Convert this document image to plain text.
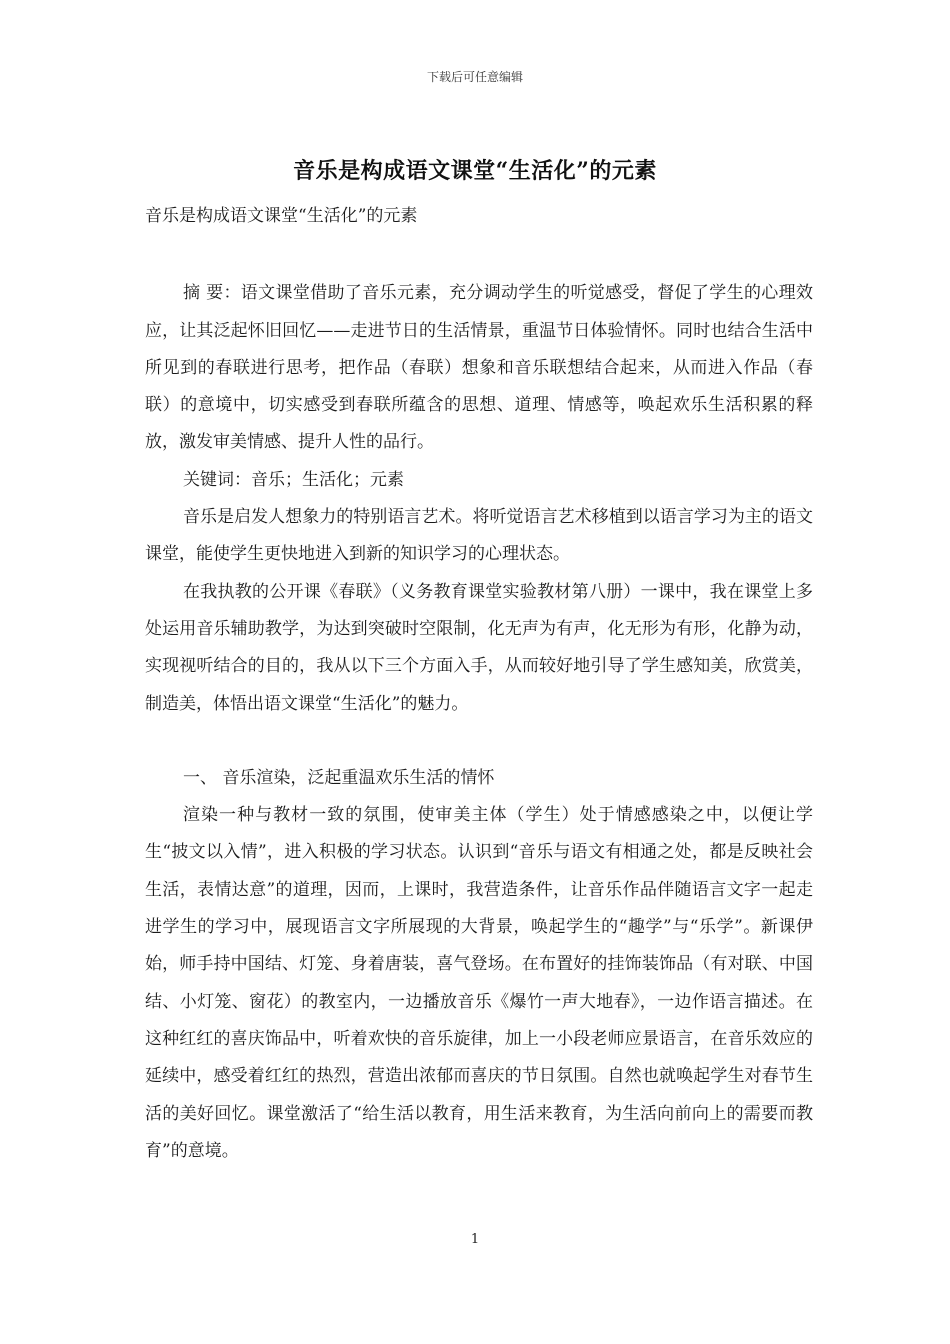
下载后可任意编辑
音乐是构成语文课堂“生活化”的元素

音乐是构成语文课堂“生活化”的元素

摘 要：语文课堂借助了音乐元素，充分调动学生的听觉感受，督促了学生的心理效应，让其泛起怀旧回忆——走进节日的生活情景，重温节日体验情怀。同时也结合生活中所见到的春联进行思考，把作品（春联）想象和音乐联想结合起来，从而进入作品（春联）的意境中，切实感受到春联所蕴含的思想、道理、情感等，唤起欢乐生活积累的释放，激发审美情感、提升人性的品行。

关键词：音乐；生活化；元素

音乐是启发人想象力的特别语言艺术。将听觉语言艺术移植到以语言学习为主的语文课堂，能使学生更快地进入到新的知识学习的心理状态。

在我执教的公开课《春联》（义务教育课堂实验教材第八册）一课中，我在课堂上多处运用音乐辅助教学，为达到突破时空限制，化无声为有声，化无形为有形，化静为动，实现视听结合的目的，我从以下三个方面入手，从而较好地引导了学生感知美，欣赏美，制造美，体悟出语文课堂“生活化”的魅力。

一、 音乐渲染，泛起重温欢乐生活的情怀

渲染一种与教材一致的氛围，使审美主体（学生）处于情感感染之中，以便让学生“披文以入情”，进入积极的学习状态。认识到“音乐与语文有相通之处，都是反映社会生活，表情达意”的道理，因而，上课时，我营造条件，让音乐作品伴随语言文字一起走进学生的学习中，展现语言文字所展现的大背景，唤起学生的“趣学”与“乐学”。新课伊始，师手持中国结、灯笼、身着唐装，喜气登场。在布置好的挂饰装饰品（有对联、中国结、小灯笼、窗花）的教室内，一边播放音乐《爆竹一声大地春》，一边作语言描述。在这种红红的喜庆饰品中，听着欢快的音乐旋律，加上一小段老师应景语言，在音乐效应的延续中，感受着红红的热烈，营造出浓郁而喜庆的节日氛围。自然也就唤起学生对春节生活的美好回忆。课堂激活了“给生活以教育，用生活来教育，为生活向前向上的需要而教育”的意境。

1
